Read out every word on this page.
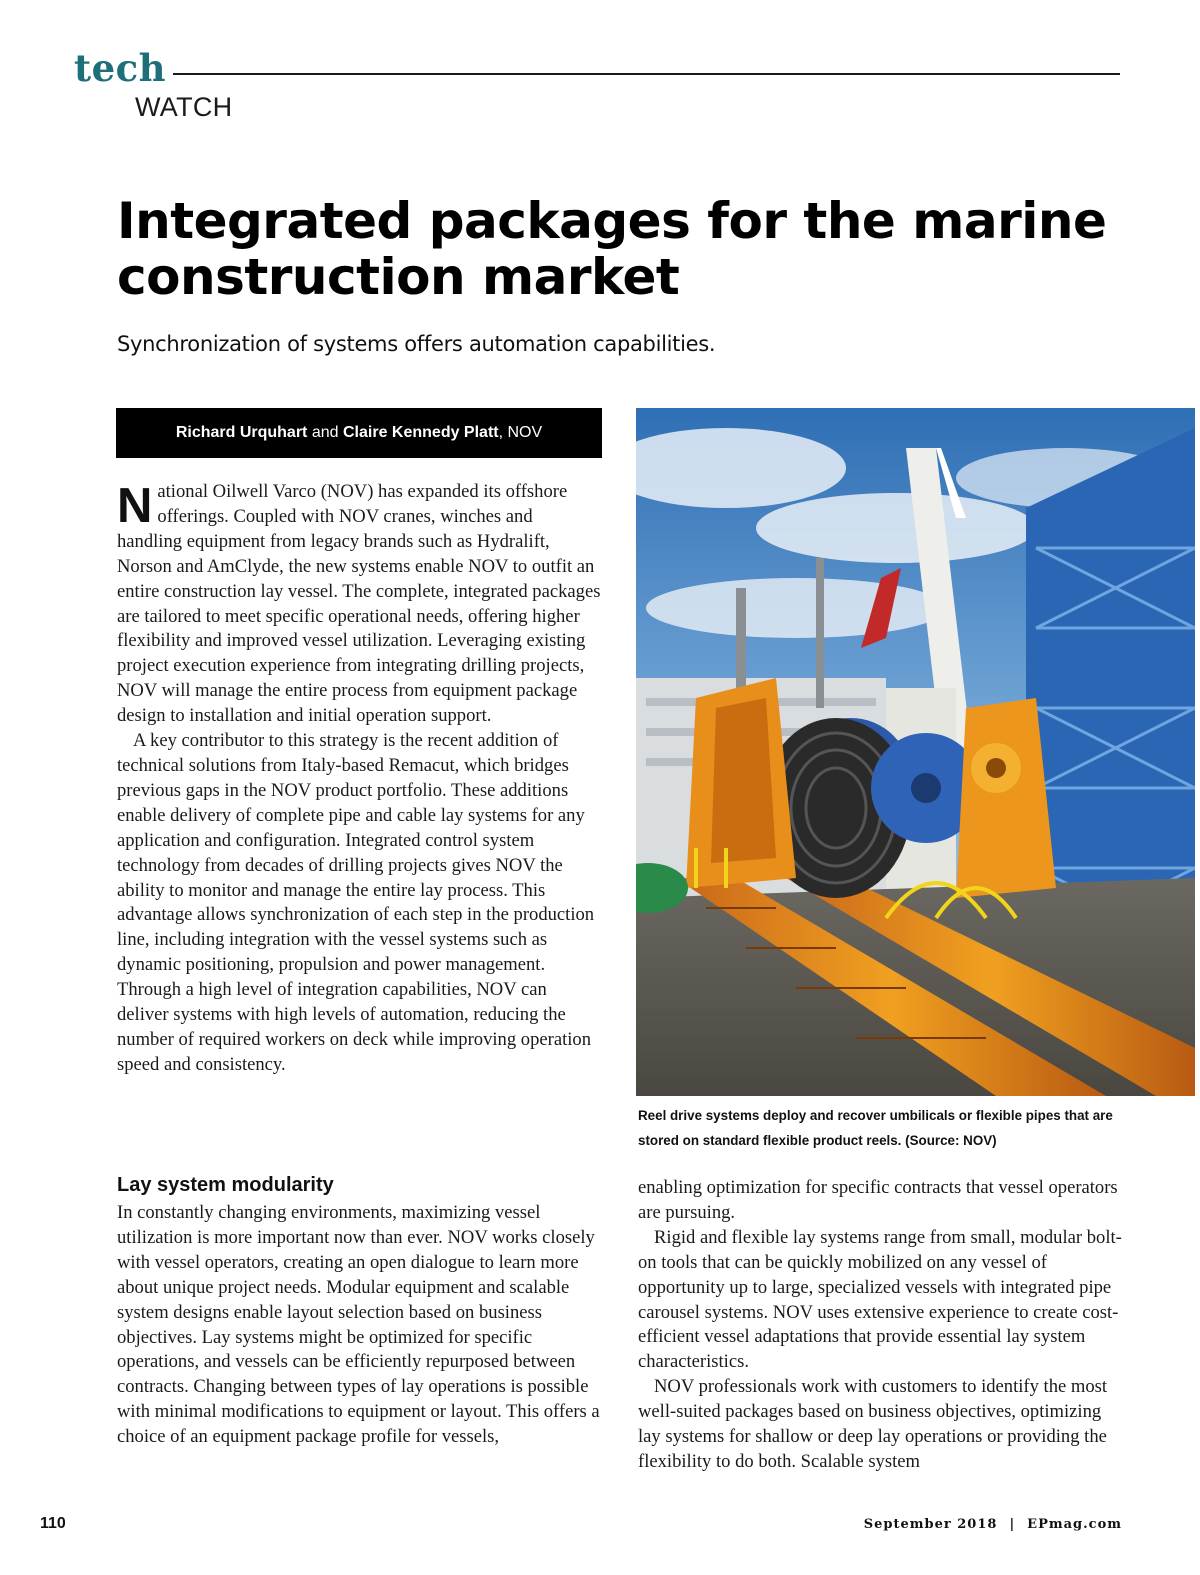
tech
WATCH
Integrated packages for the marine construction market
Synchronization of systems offers automation capabilities.
Richard Urquhart and Claire Kennedy Platt, NOV

National Oilwell Varco (NOV) has expanded its offshore offerings. Coupled with NOV cranes, winches and handling equipment from legacy brands such as Hydralift, Norson and AmClyde, the new systems enable NOV to outfit an entire construction lay vessel. The complete, integrated packages are tailored to meet specific operational needs, offering higher flexibility and improved vessel utilization. Leveraging existing project execution experience from integrating drilling projects, NOV will manage the entire process from equipment package design to installation and initial operation support.

A key contributor to this strategy is the recent addition of technical solutions from Italy-based Remacut, which bridges previous gaps in the NOV product portfolio. These additions enable delivery of complete pipe and cable lay systems for any application and configuration. Integrated control system technology from decades of drilling projects gives NOV the ability to monitor and manage the entire lay process. This advantage allows synchronization of each step in the production line, including integration with the vessel systems such as dynamic positioning, propulsion and power management. Through a high level of integration capabilities, NOV can deliver systems with high levels of automation, reducing the number of required workers on deck while improving operation speed and consistency.

Lay system modularity

In constantly changing environments, maximizing vessel utilization is more important now than ever. NOV works closely with vessel operators, creating an open dialogue to learn more about unique project needs. Modular equipment and scalable system designs enable layout selection based on business objectives. Lay systems might be optimized for specific operations, and vessels can be efficiently repurposed between contracts. Changing between types of lay operations is possible with minimal modifications to equipment or layout. This offers a choice of an equipment package profile for vessels,

Reel drive systems deploy and recover umbilicals or flexible pipes that are stored on standard flexible product reels. (Source: NOV)

enabling optimization for specific contracts that vessel operators are pursuing.

Rigid and flexible lay systems range from small, modular bolt-on tools that can be quickly mobilized on any vessel of opportunity up to large, specialized vessels with integrated pipe carousel systems. NOV uses extensive experience to create cost-efficient vessel adaptations that provide essential lay system characteristics.

NOV professionals work with customers to identify the most well-suited packages based on business objectives, optimizing lay systems for shallow or deep lay operations or providing the flexibility to do both. Scalable system

110	September 2018 | EPmag.com
